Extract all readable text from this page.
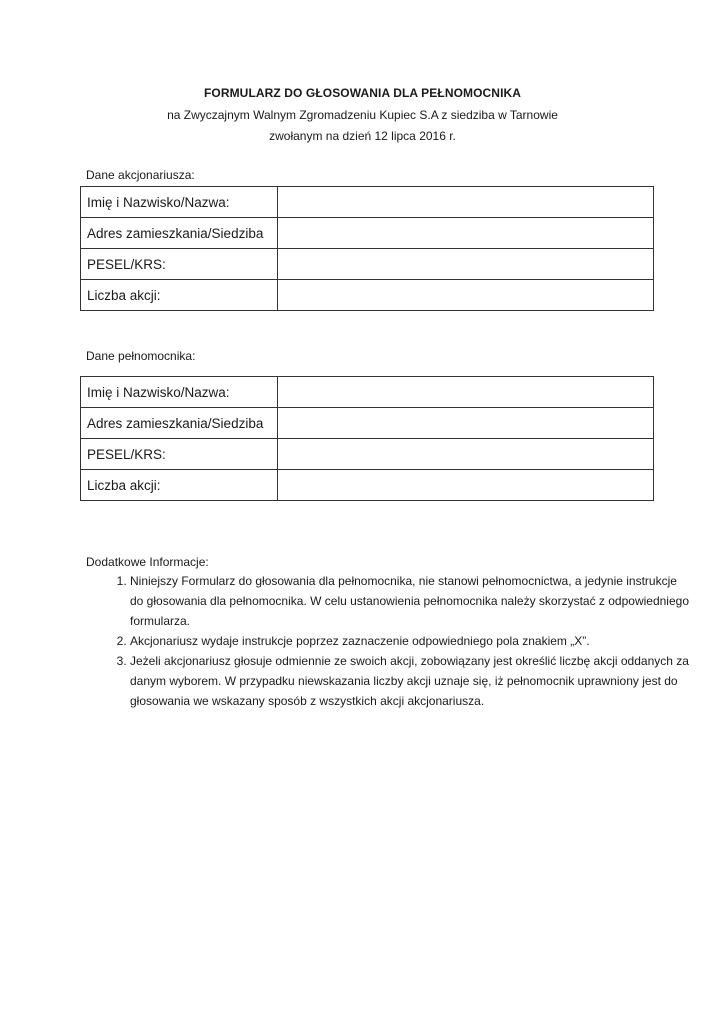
FORMULARZ DO GŁOSOWANIA DLA PEŁNOMOCNIKA
na Zwyczajnym Walnym Zgromadzeniu Kupiec S.A z siedziba w Tarnowie
zwołanym na dzień 12 lipca 2016 r.
Dane akcjonariusza:
Imię i Nazwisko/Nazwa:	
Adres zamieszkania/Siedziba	
PESEL/KRS:	
Liczba akcji:	
Dane pełnomocnika:
Imię i Nazwisko/Nazwa:	
Adres zamieszkania/Siedziba	
PESEL/KRS:	
Liczba akcji:	
Dodatkowe Informacje:
1. Niniejszy Formularz do głosowania dla pełnomocnika, nie stanowi pełnomocnictwa, a jedynie instrukcje do głosowania dla pełnomocnika. W celu ustanowienia pełnomocnika należy skorzystać z odpowiedniego formularza.
2. Akcjonariusz wydaje instrukcje poprzez zaznaczenie odpowiedniego pola znakiem „X”.
3. Jeżeli akcjonariusz głosuje odmiennie ze swoich akcji, zobowiązany jest określić liczbę akcji oddanych za danym wyborem. W przypadku niewskazania liczby akcji uznaje się, iż pełnomocnik uprawniony jest do głosowania we wskazany sposób z wszystkich akcji akcjonariusza.
